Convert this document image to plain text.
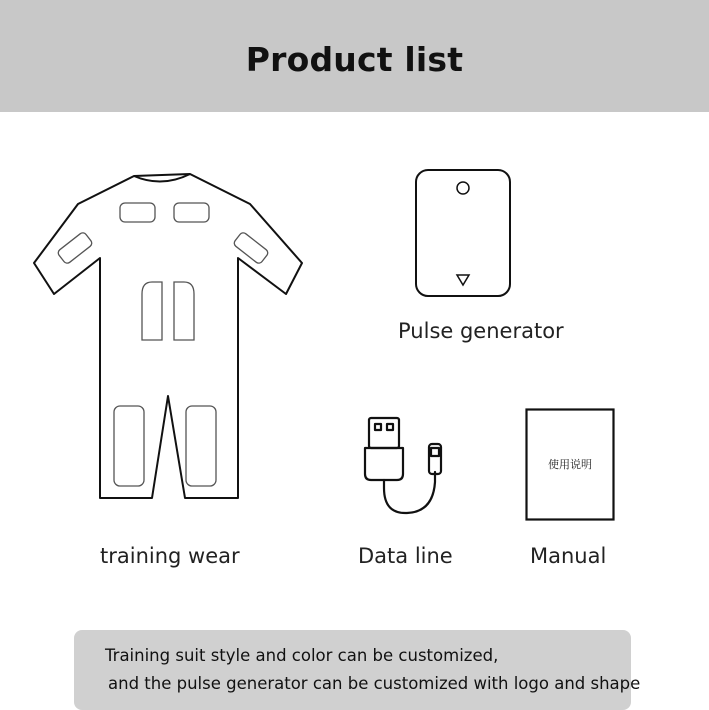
Product list
使用说明
training wear
Pulse generator
Data line	Manual
Training suit style and color can be customized,
and the pulse generator can be customized with logo and shape
